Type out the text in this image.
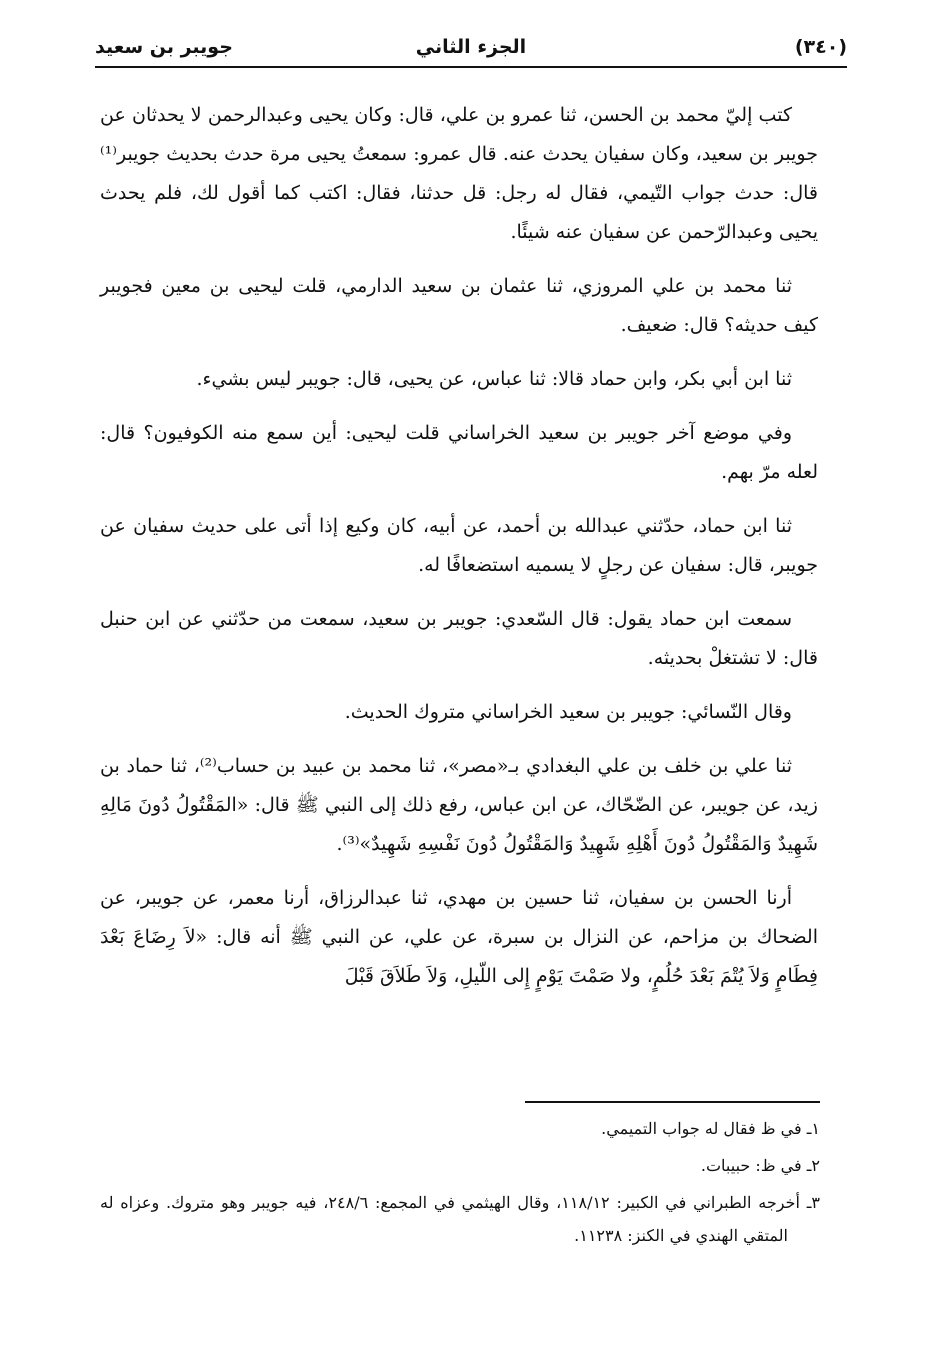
(٣٤٠)
الجزء الثاني
جويبر بن سعيد

كتب إليّ محمد بن الحسن، ثنا عمرو بن علي، قال: وكان يحيى وعبدالرحمن لا يحدثان عن جويبر بن سعيد، وكان سفيان يحدث عنه. قال عمرو: سمعتُ يحيى مرة حدث بحديث جويبر⁽¹⁾ قال: حدث جواب التّيمي، فقال له رجل: قل حدثنا، فقال: اكتب كما أقول لك، فلم يحدث يحيى وعبدالرّحمن عن سفيان عنه شيئًا.

ثنا محمد بن علي المروزي، ثنا عثمان بن سعيد الدارمي، قلت ليحيى بن معين فجويبر كيف حديثه؟ قال: ضعيف.

ثنا ابن أبي بكر، وابن حماد قالا: ثنا عباس، عن يحيى، قال: جويبر ليس بشيء.

وفي موضع آخر جويبر بن سعيد الخراساني قلت ليحيى: أين سمع منه الكوفيون؟ قال: لعله مرّ بهم.

ثنا ابن حماد، حدّثني عبدالله بن أحمد، عن أبيه، كان وكيع إذا أتى على حديث سفيان عن جويبر، قال: سفيان عن رجلٍ لا يسميه استضعافًا له.

سمعت ابن حماد يقول: قال السّعدي: جويبر بن سعيد، سمعت من حدّثني عن ابن حنبل قال: لا تشتغلْ بحديثه.

وقال النّسائي: جويبر بن سعيد الخراساني متروك الحديث.

ثنا علي بن خلف بن علي البغدادي بـ«مصر»، ثنا محمد بن عبيد بن حساب⁽²⁾، ثنا حماد بن زيد، عن جويبر، عن الضّحّاك، عن ابن عباس، رفع ذلك إلى النبي ﷺ قال: «المَقْتُولُ دُونَ مَالِهِ شَهِيدٌ وَالمَقْتُولُ دُونَ أَهْلِهِ شَهِيدٌ وَالمَقْتُولُ دُونَ نَفْسِهِ شَهِيدٌ»⁽³⁾.

أرنا الحسن بن سفيان، ثنا حسين بن مهدي، ثنا عبدالرزاق، أرنا معمر، عن جويبر، عن الضحاك بن مزاحم، عن النزال بن سبرة، عن علي، عن النبي ﷺ أنه قال: «لاَ رِضَاعَ بَعْدَ فِطَامٍ وَلاَ يُتْمَ بَعْدَ حُلُمٍ، ولا صَمْتَ يَوْمٍ إِلى اللّيلِ، وَلاَ طَلاَقَ قَبْلَ

١ـ في ظ فقال له جواب التميمي.

٢ـ في ظ: حبيبات.

٣ـ أخرجه الطبراني في الكبير: ١١٨/١٢، وقال الهيثمي في المجمع: ٢٤٨/٦، فيه جويبر وهو متروك. وعزاه له المتقي الهندي في الكنز: ١١٢٣٨.
